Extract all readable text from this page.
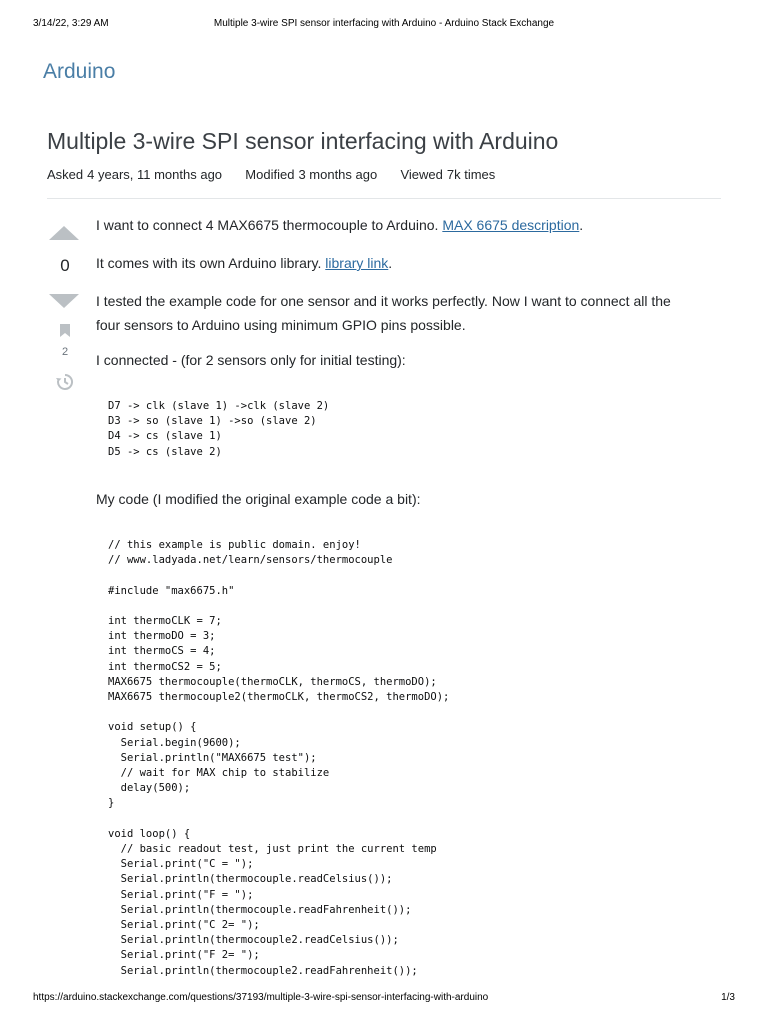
3/14/22, 3:29 AM	Multiple 3-wire SPI sensor interfacing with Arduino - Arduino Stack Exchange
Arduino
Multiple 3-wire SPI sensor interfacing with Arduino
Asked 4 years, 11 months ago Modified 3 months ago Viewed 7k times
0
2

I want to connect 4 MAX6675 thermocouple to Arduino. MAX 6675 description.

It comes with its own Arduino library. library link.

I tested the example code for one sensor and it works perfectly. Now I want to connect all the four sensors to Arduino using minimum GPIO pins possible.

I connected - (for 2 sensors only for initial testing):

My code (I modified the original example code a bit):

D7 -> clk (slave 1) ->clk (slave 2)
D3 -> so (slave 1) ->so (slave 2)
D4 -> cs (slave 1)
D5 -> cs (slave 2)
// this example is public domain. enjoy!
// www.ladyada.net/learn/sensors/thermocouple

#include "max6675.h"

int thermoCLK = 7;
int thermoDO = 3;
int thermoCS = 4;
int thermoCS2 = 5;
MAX6675 thermocouple(thermoCLK, thermoCS, thermoDO);
MAX6675 thermocouple2(thermoCLK, thermoCS2, thermoDO);

void setup() {
Serial.begin(9600);
Serial.println("MAX6675 test");
// wait for MAX chip to stabilize
delay(500);
}

void loop() {
// basic readout test, just print the current temp
Serial.print("C = ");
Serial.println(thermocouple.readCelsius());
Serial.print("F = ");
Serial.println(thermocouple.readFahrenheit());
Serial.print("C 2= ");
Serial.println(thermocouple2.readCelsius());
Serial.print("F 2= ");
Serial.println(thermocouple2.readFahrenheit());
https://arduino.stackexchange.com/questions/37193/multiple-3-wire-spi-sensor-interfacing-with-arduino	1/3
